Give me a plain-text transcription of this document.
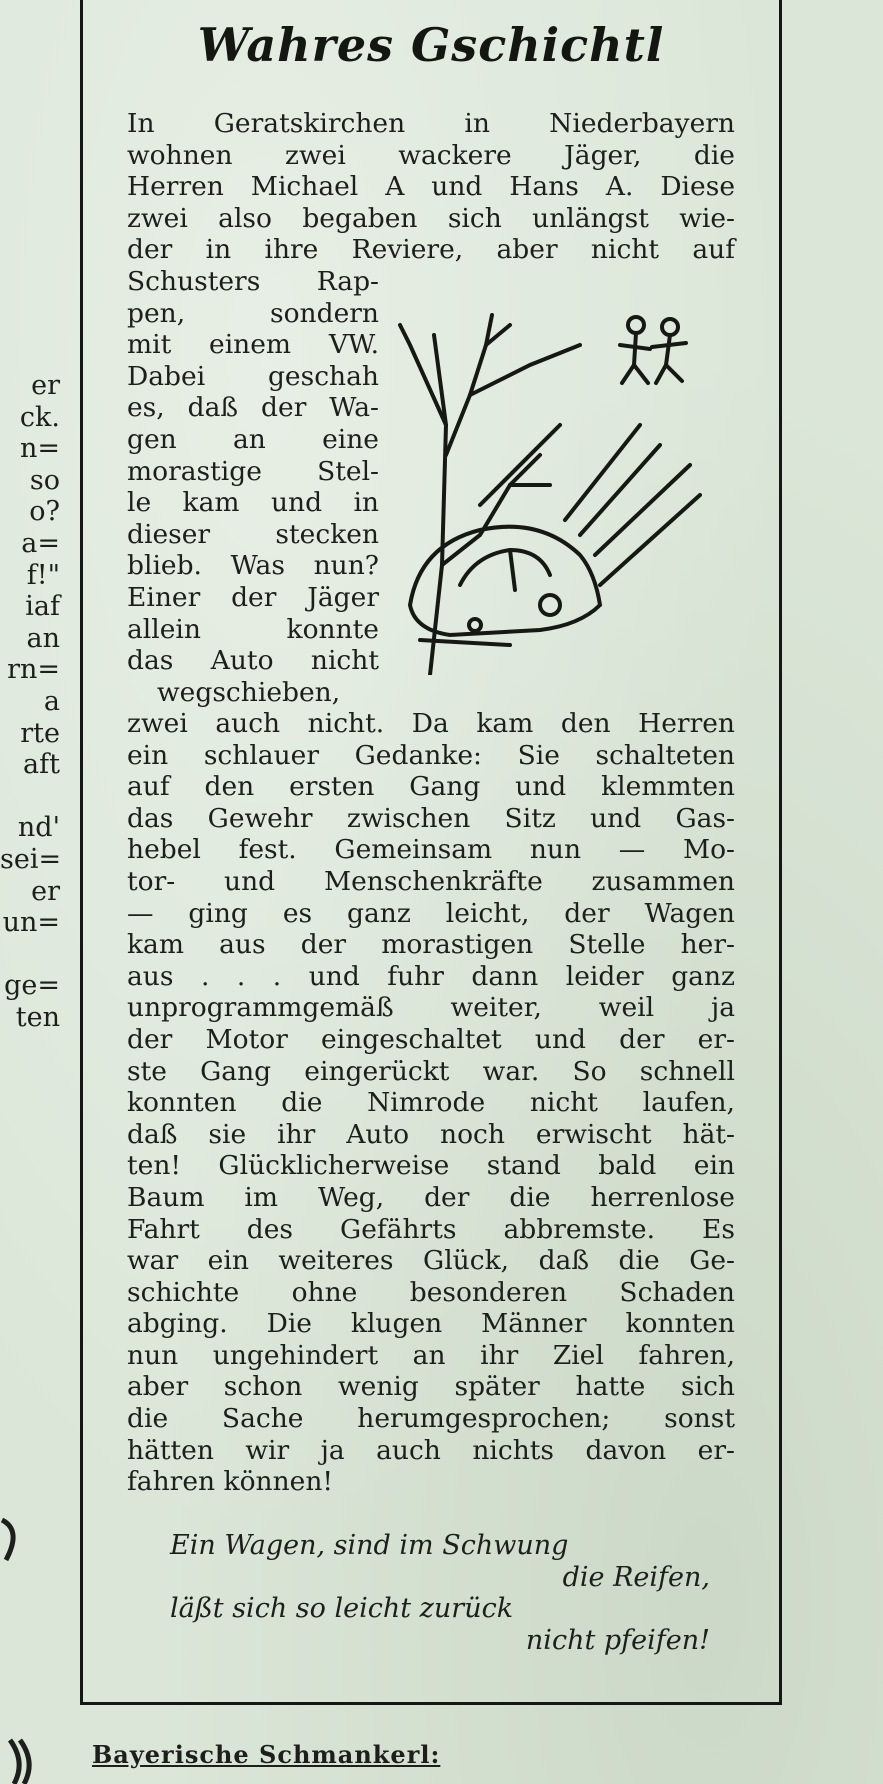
er
ck.
n=
so
o?
a=
f!"
iaf
an
rn=
a
rte
aft
nd'
sei=
er
un=
ge=
ten
Wahres Gschichtl
In Geratskirchen in Niederbayern
wohnen zwei wackere Jäger, die
Herren Michael A und Hans A. Diese
zwei also begaben sich unlängst wie-
der in ihre Reviere, aber nicht auf
Schusters Rap-
pen, sondern
mit einem VW.
Dabei geschah
es, daß der Wa-
gen an eine
morastige Stel-
le kam und in
dieser stecken
blieb. Was nun?
Einer der Jäger
allein konnte
das Auto nicht
wegschieben,
zwei auch nicht. Da kam den Herren
ein schlauer Gedanke: Sie schalteten
auf den ersten Gang und klemmten
das Gewehr zwischen Sitz und Gas-
hebel fest. Gemeinsam nun — Mo-
tor- und Menschenkräfte zusammen
— ging es ganz leicht, der Wagen
kam aus der morastigen Stelle her-
aus . . . und fuhr dann leider ganz
unprogrammgemäß weiter, weil ja
der Motor eingeschaltet und der er-
ste Gang eingerückt war. So schnell
konnten die Nimrode nicht laufen,
daß sie ihr Auto noch erwischt hät-
ten! Glücklicherweise stand bald ein
Baum im Weg, der die herrenlose
Fahrt des Gefährts abbremste. Es
war ein weiteres Glück, daß die Ge-
schichte ohne besonderen Schaden
abging. Die klugen Männer konnten
nun ungehindert an ihr Ziel fahren,
aber schon wenig später hatte sich
die Sache herumgesprochen; sonst
hätten wir ja auch nichts davon er-
fahren können!
Ein Wagen, sind im Schwung
die Reifen,
läßt sich so leicht zurück
nicht pfeifen!
Bayerische Schmankerl:
